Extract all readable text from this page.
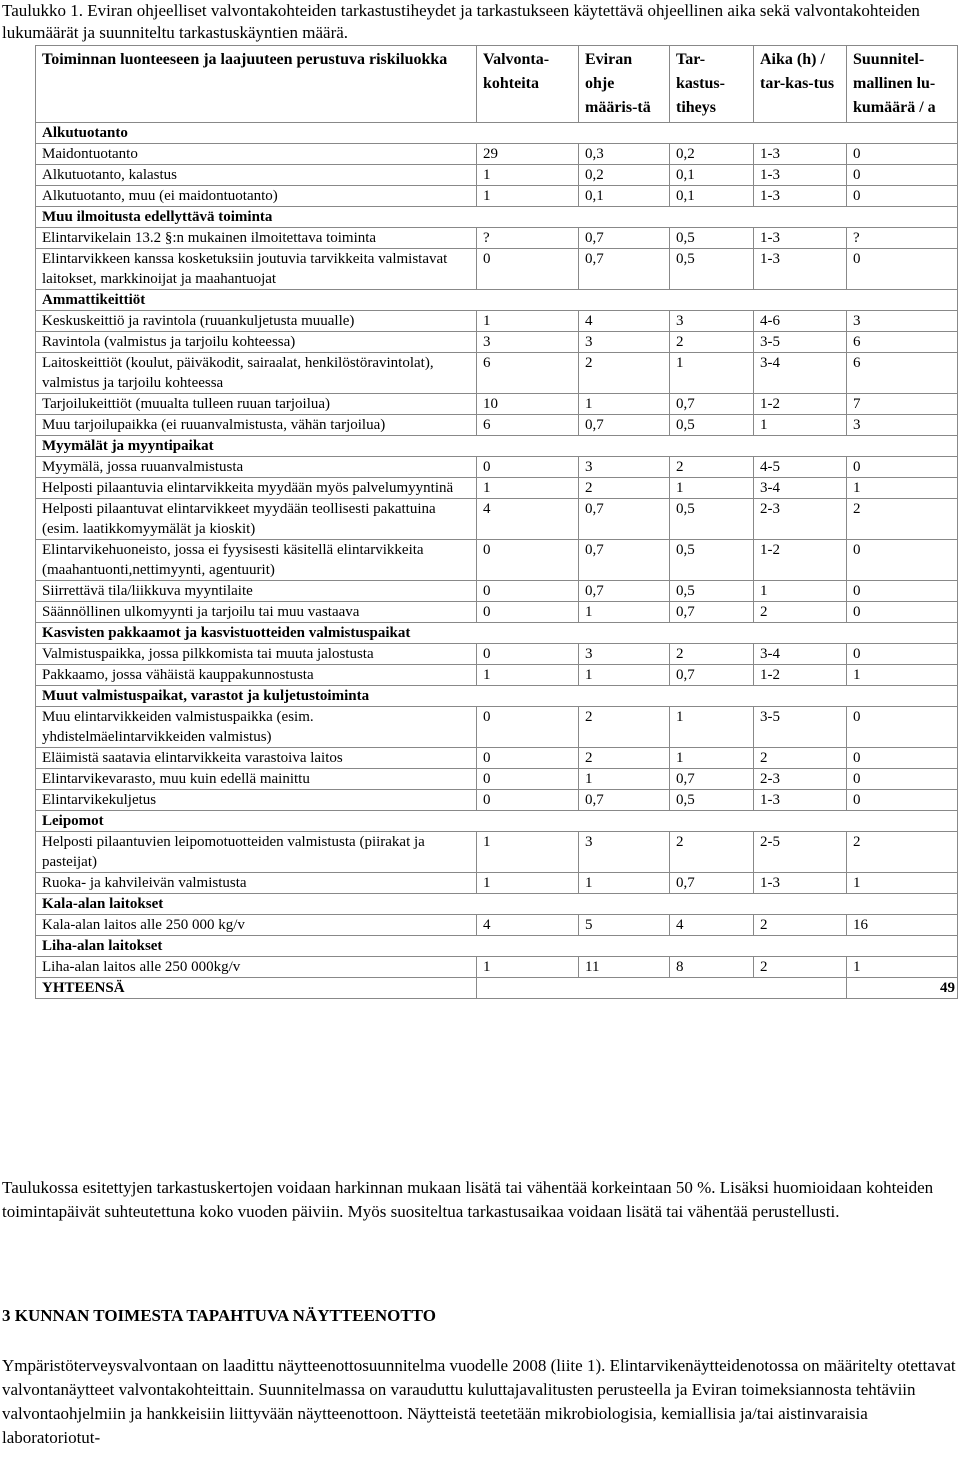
Taulukko 1. Eviran ohjeelliset valvontakohteiden tarkastustiheydet ja tarkastukseen käytettävä ohjeellinen aika sekä valvontakohteiden lukumäärät ja suunniteltu tarkastuskäyntien määrä.
Toiminnan luonteeseen ja laajuuteen perustuva riskiluokka	Valvonta-kohteita	Eviran ohje määris-tä	Tar-kastus-tiheys	Aika (h) / tar-kas-tus	Suunnitel-mallinen lu-kumäärä / a
Alkutuotanto					
Maidontuotanto	29	0,3	0,2	1-3	0
Alkutuotanto, kalastus	1	0,2	0,1	1-3	0
Alkutuotanto, muu (ei maidontuotanto)	1	0,1	0,1	1-3	0
Muu ilmoitusta edellyttävä toiminta					
Elintarvikelain 13.2 §:n mukainen ilmoitettava toiminta	?	0,7	0,5	1-3	?
Elintarvikkeen kanssa kosketuksiin joutuvia tarvikkeita valmistavat laitokset, markkinoijat ja maahantuojat	0	0,7	0,5	1-3	0
Ammattikeittiöt					
Keskuskeittiö ja ravintola (ruuankuljetusta muualle)	1	4	3	4-6	3
Ravintola (valmistus ja tarjoilu kohteessa)	3	3	2	3-5	6
Laitoskeittiöt (koulut, päiväkodit, sairaalat, henkilöstöravintolat), valmistus ja tarjoilu kohteessa	6	2	1	3-4	6
Tarjoilukeittiöt (muualta tulleen ruuan tarjoilua)	10	1	0,7	1-2	7
Muu tarjoilupaikka (ei ruuanvalmistusta, vähän tarjoilua)	6	0,7	0,5	1	3
Myymälät ja myyntipaikat					
Myymälä, jossa ruuanvalmistusta	0	3	2	4-5	0
Helposti pilaantuvia elintarvikkeita myydään myös palvelumyyntinä	1	2	1	3-4	1
Helposti pilaantuvat elintarvikkeet myydään teollisesti pakattuina (esim. laatikkomyymälät ja kioskit)	4	0,7	0,5	2-3	2
Elintarvikehuoneisto, jossa ei fyysisesti käsitellä elintarvikkeita (maahantuonti,nettimyynti, agentuurit)	0	0,7	0,5	1-2	0
Siirrettävä tila/liikkuva myyntilaite	0	0,7	0,5	1	0
Säännöllinen ulkomyynti ja tarjoilu tai muu vastaava	0	1	0,7	2	0
Kasvisten pakkaamot ja kasvistuotteiden valmistuspaikat					
Valmistuspaikka, jossa pilkkomista tai muuta jalostusta	0	3	2	3-4	0
Pakkaamo, jossa vähäistä kauppakunnostusta	1	1	0,7	1-2	1
Muut valmistuspaikat, varastot ja kuljetustoiminta					
Muu elintarvikkeiden valmistuspaikka (esim. yhdistelmäelintarvikkeiden valmistus)	0	2	1	3-5	0
Eläimistä saatavia elintarvikkeita varastoiva laitos	0	2	1	2	0
Elintarvikevarasto, muu kuin edellä mainittu	0	1	0,7	2-3	0
Elintarvikekuljetus	0	0,7	0,5	1-3	0
Leipomot					
Helposti pilaantuvien leipomotuotteiden valmistusta (piirakat ja pasteijat)	1	3	2	2-5	2
Ruoka- ja kahvileivän valmistusta	1	1	0,7	1-3	1
Kala-alan laitokset					
Kala-alan laitos alle 250 000 kg/v	4	5	4	2	16
Liha-alan laitokset					
Liha-alan laitos alle 250 000kg/v	1	11	8	2	1
YHTEENSÄ					49
Taulukossa esitettyjen tarkastuskertojen voidaan harkinnan mukaan lisätä tai vähentää korkeintaan 50 %. Lisäksi huomioidaan kohteiden toimintapäivät suhteutettuna koko vuoden päiviin. Myös suositeltua tarkastusaikaa voidaan lisätä tai vähentää perustellusti.
3 KUNNAN TOIMESTA TAPAHTUVA NÄYTTEENOTTO
Ympäristöterveysvalvontaan on laadittu näytteenottosuunnitelma vuodelle 2008 (liite 1). Elintarvikenäytteidenotossa on määritelty otettavat valvontanäytteet valvontakohteittain. Suunnitelmassa on varauduttu kuluttajavalitusten perusteella ja Eviran toimeksiannosta tehtäviin valvontaohjelmiin ja hankkeisiin liittyvään näytteenottoon. Näytteistä teetetään mikrobiologisia, kemiallisia ja/tai aistinvaraisia laboratoriotut-
